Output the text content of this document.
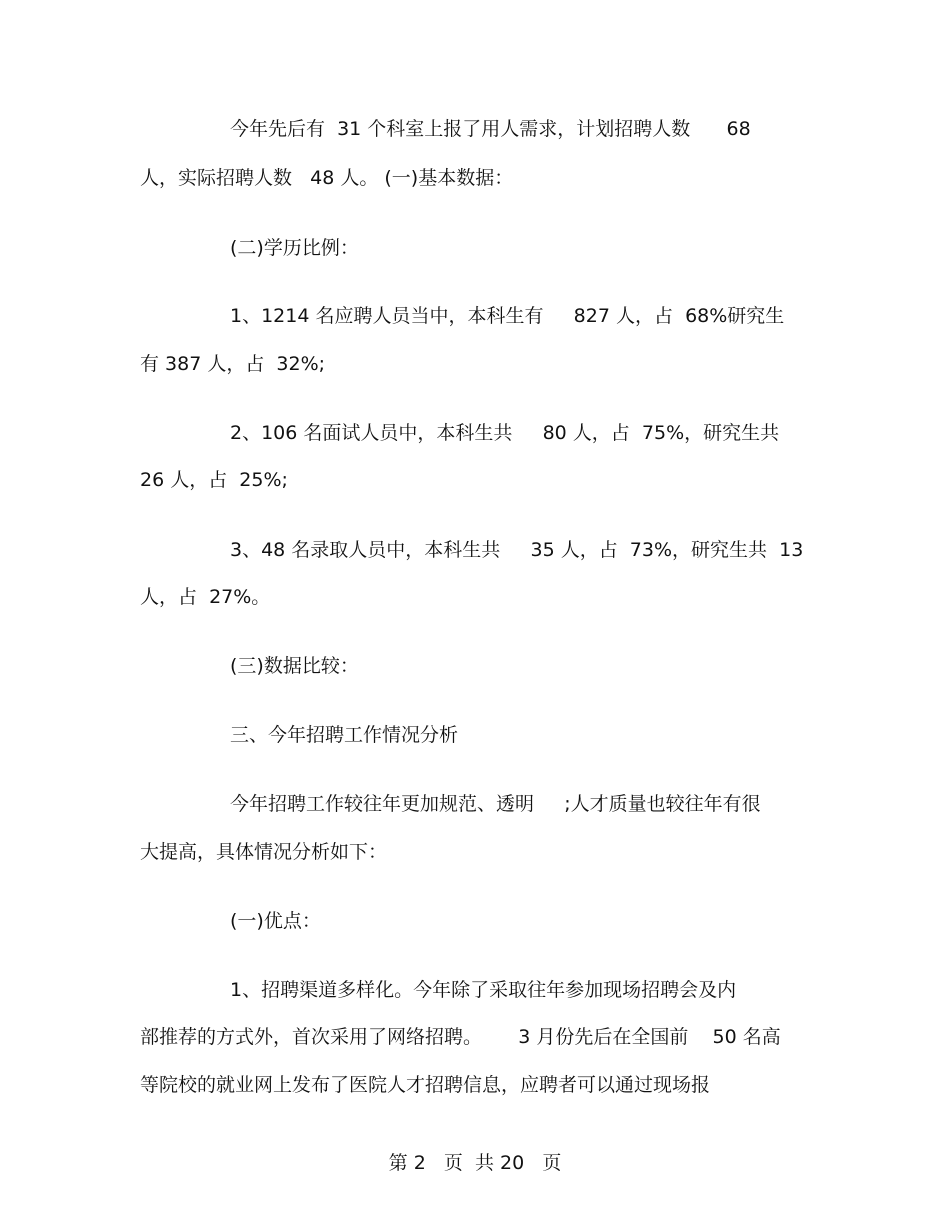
今年先后有  31 个科室上报了用人需求，计划招聘人数      68
人，实际招聘人数   48 人。 (一)基本数据：
(二)学历比例：
1、1214 名应聘人员当中，本科生有     827 人，占  68%研究生
有 387 人，占  32%;
2、106 名面试人员中，本科生共     80 人，占  75%，研究生共
26 人，占  25%;
3、48 名录取人员中，本科生共     35 人，占  73%，研究生共  13
人，占  27%。
(三)数据比较：
三、今年招聘工作情况分析
今年招聘工作较往年更加规范、透明     ;人才质量也较往年有很
大提高，具体情况分析如下：
(一)优点：
1、招聘渠道多样化。今年除了采取往年参加现场招聘会及内
部推荐的方式外，首次采用了网络招聘。      3 月份先后在全国前    50 名高
等院校的就业网上发布了医院人才招聘信息，应聘者可以通过现场报
第 2   页  共 20   页
